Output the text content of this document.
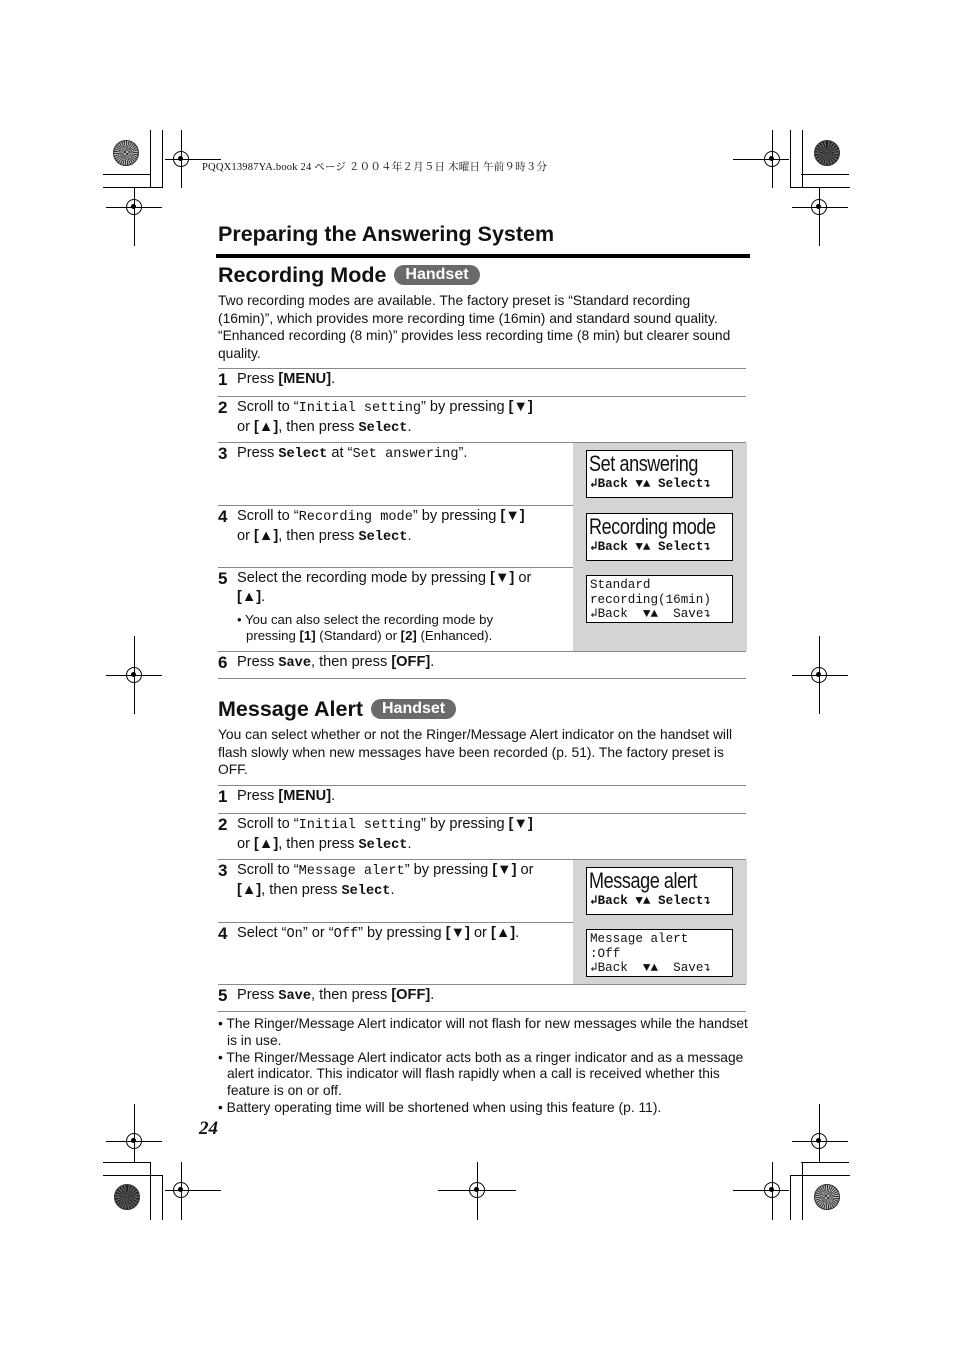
PQQX13987YA.book 24 ページ ２００４年２月５日 木曜日 午前９時３分
Preparing the Answering System
Recording Mode Handset
Two recording modes are available. The factory preset is “Standard recording (16min)”, which provides more recording time (16min) and standard sound quality. “Enhanced recording (8 min)” provides less recording time (8 min) but clearer sound quality.
1 Press [MENU].
2 Scroll to “Initial setting” by pressing [▼]
or [▲], then press Select.
3 Press Select at “Set answering”.
4 Scroll to “Recording mode” by pressing [▼]
or [▲], then press Select.
5 Select the recording mode by pressing [▼] or
[▲].
• You can also select the recording mode by
pressing [1] (Standard) or [2] (Enhanced).
6 Press Save, then press [OFF].
Set answering
↲Back ▼▲ Select↴
Recording mode
↲Back ▼▲ Select↴
Standard
recording(16min)
↲Back  ▼▲  Save↴
Message Alert Handset
You can select whether or not the Ringer/Message Alert indicator on the handset will flash slowly when new messages have been recorded (p. 51). The factory preset is OFF.
1 Press [MENU].
2 Scroll to “Initial setting” by pressing [▼]
or [▲], then press Select.
3 Scroll to “Message alert” by pressing [▼] or
[▲], then press Select.
4 Select “On” or “Off” by pressing [▼] or [▲].
5 Press Save, then press [OFF].
Message alert
↲Back ▼▲ Select↴
Message alert
:Off
↲Back  ▼▲  Save↴
• The Ringer/Message Alert indicator will not flash for new messages while the handset is in use.
• The Ringer/Message Alert indicator acts both as a ringer indicator and as a message alert indicator. This indicator will flash rapidly when a call is received whether this feature is on or off.
• Battery operating time will be shortened when using this feature (p. 11).
24
